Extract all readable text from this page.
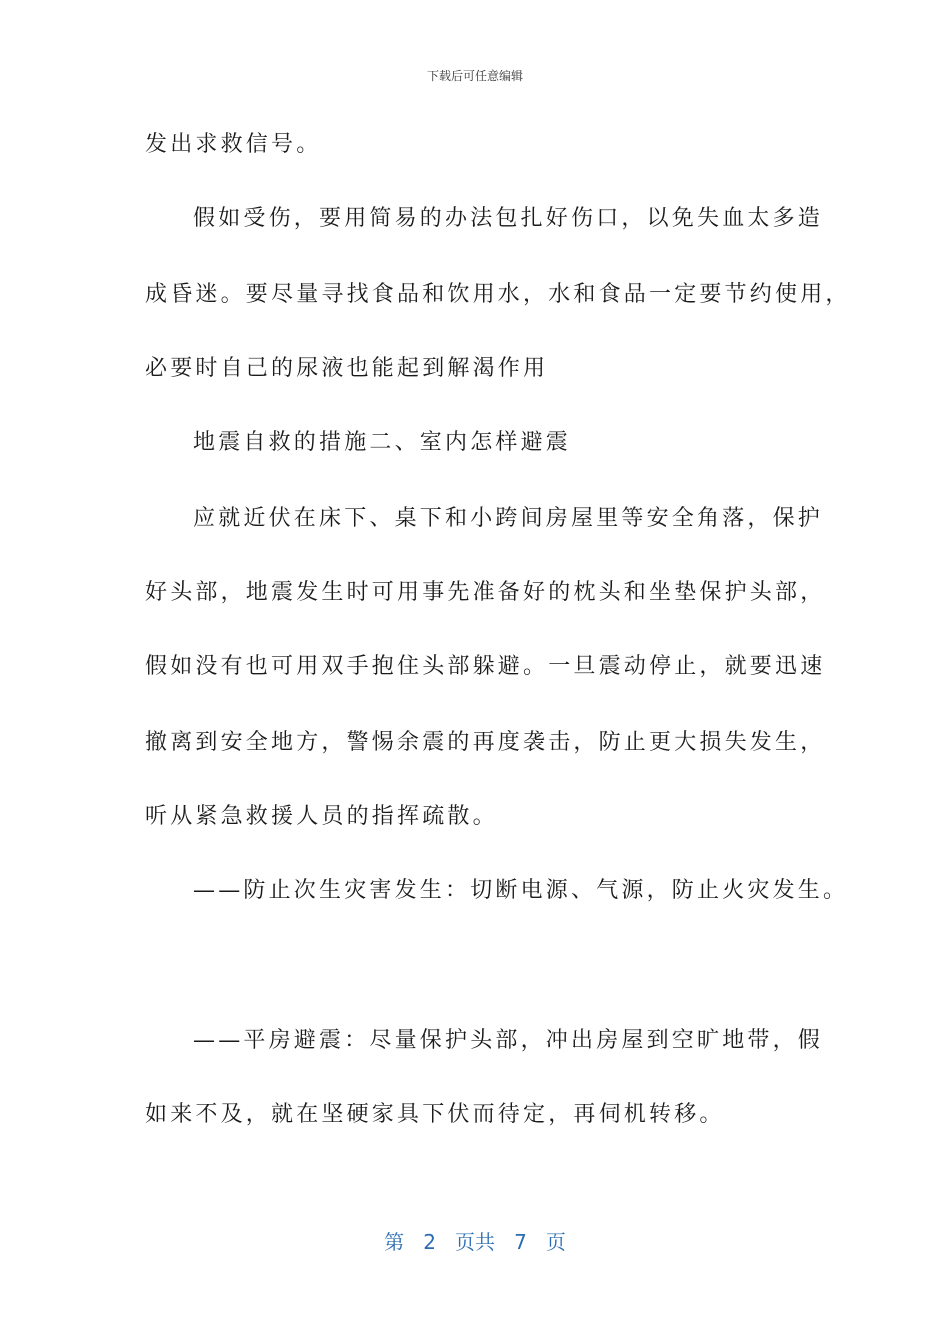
下载后可任意编辑
发出求救信号。
假如受伤，要用简易的办法包扎好伤口，以免失血太多造
成昏迷。要尽量寻找食品和饮用水，水和食品一定要节约使用，
必要时自己的尿液也能起到解渴作用
地震自救的措施二、室内怎样避震
应就近伏在床下、桌下和小跨间房屋里等安全角落，保护
好头部，地震发生时可用事先准备好的枕头和坐垫保护头部，
假如没有也可用双手抱住头部躲避。一旦震动停止，就要迅速
撤离到安全地方，警惕余震的再度袭击，防止更大损失发生，
听从紧急救援人员的指挥疏散。
——防止次生灾害发生：切断电源、气源，防止火灾发生。
——平房避震：尽量保护头部，冲出房屋到空旷地带，假
如来不及，就在坚硬家具下伏而待定，再伺机转移。
第 2 页共 7 页
